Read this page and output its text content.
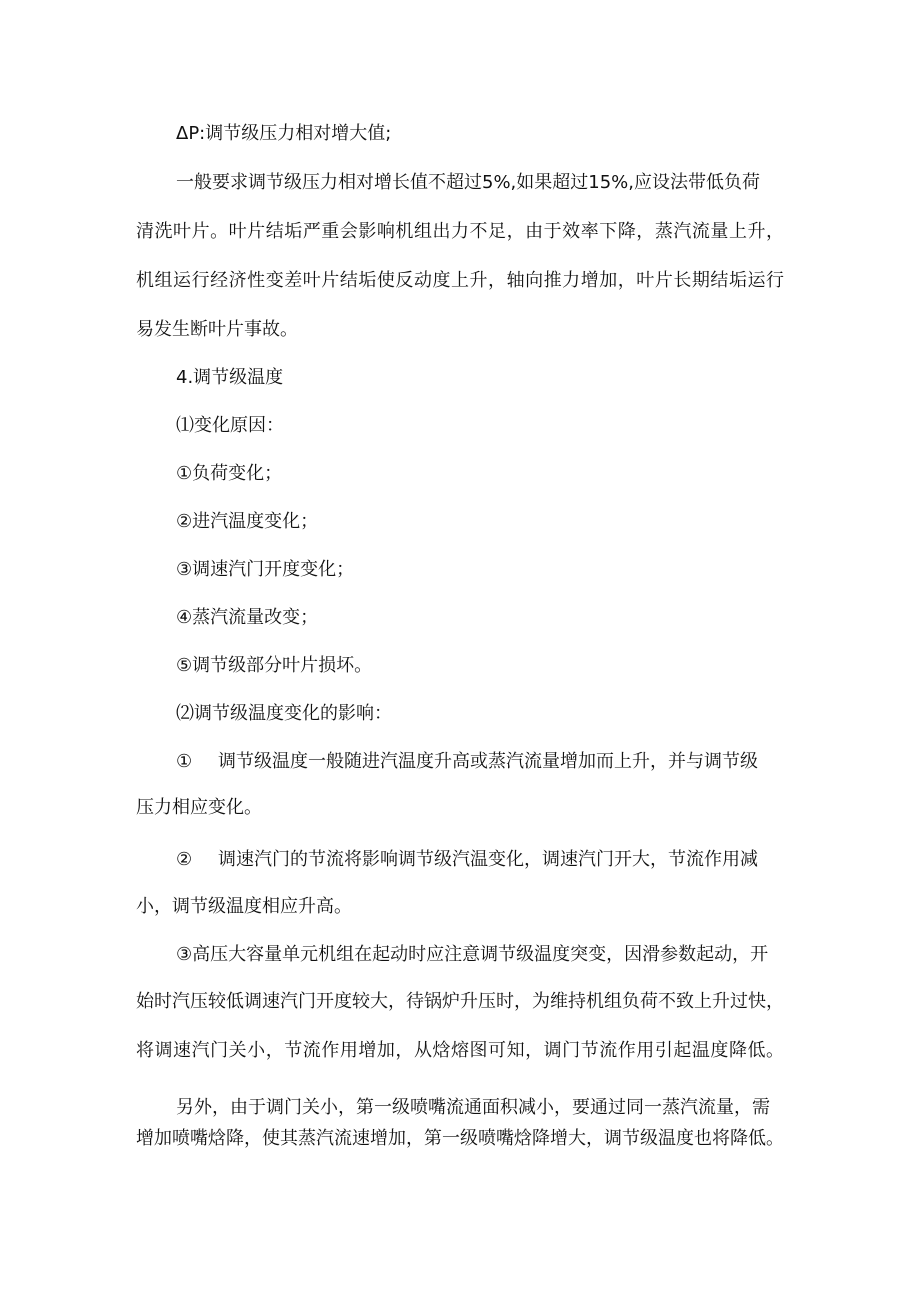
ΔP:调节级压力相对增大值;
一般要求调节级压力相对增长值不超过5%,如果超过15%,应设法带低负荷
清洗叶片。叶片结垢严重会影响机组出力不足，由于效率下降，蒸汽流量上升，
机组运行经济性变差叶片结垢使反动度上升，轴向推力增加，叶片长期结垢运行
易发生断叶片事故。
4.调节级温度
⑴变化原因：
①负荷变化；
②进汽温度变化；
③调速汽门开度变化；
④蒸汽流量改变；
⑤调节级部分叶片损坏。
⑵调节级温度变化的影响：
① 调节级温度一般随进汽温度升高或蒸汽流量增加而上升，并与调节级
压力相应变化。
② 调速汽门的节流将影响调节级汽温变化，调速汽门开大，节流作用减
小，调节级温度相应升高。
③高压大容量单元机组在起动时应注意调节级温度突变，因滑参数起动，开
始时汽压较低调速汽门开度较大，待锅炉升压时，为维持机组负荷不致上升过快，
将调速汽门关小，节流作用增加，从焓熔图可知，调门节流作用引起温度降低。
另外，由于调门关小，第一级喷嘴流通面积减小，要通过同一蒸汽流量，需
增加喷嘴焓降，使其蒸汽流速增加，第一级喷嘴焓降增大，调节级温度也将降低。
